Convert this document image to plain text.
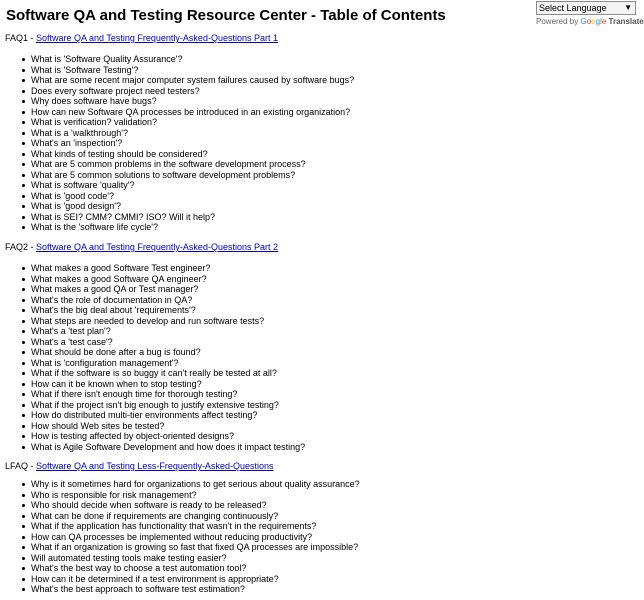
Software QA and Testing Resource Center - Table of Contents	Select Language ▼
Powered by Google Translate
FAQ1 - Software QA and Testing Frequently-Asked-Questions Part 1
What is 'Software Quality Assurance'?
What is 'Software Testing'?
What are some recent major computer system failures caused by software bugs?
Does every software project need testers?
Why does software have bugs?
How can new Software QA processes be introduced in an existing organization?
What is verification? validation?
What is a 'walkthrough'?
What's an 'inspection'?
What kinds of testing should be considered?
What are 5 common problems in the software development process?
What are 5 common solutions to software development problems?
What is software 'quality'?
What is 'good code'?
What is 'good design'?
What is SEI? CMM? CMMI? ISO? Will it help?
What is the 'software life cycle'?
FAQ2 - Software QA and Testing Frequently-Asked-Questions Part 2
What makes a good Software Test engineer?
What makes a good Software QA engineer?
What makes a good QA or Test manager?
What's the role of documentation in QA?
What's the big deal about 'requirements'?
What steps are needed to develop and run software tests?
What's a 'test plan'?
What's a 'test case'?
What should be done after a bug is found?
What is 'configuration management'?
What if the software is so buggy it can't really be tested at all?
How can it be known when to stop testing?
What if there isn't enough time for thorough testing?
What if the project isn't big enough to justify extensive testing?
How do distributed multi-tier environments affect testing?
How should Web sites be tested?
How is testing affected by object-oriented designs?
What is Agile Software Development and how does it impact testing?
LFAQ - Software QA and Testing Less-Frequently-Asked-Questions
Why is it sometimes hard for organizations to get serious about quality assurance?
Who is responsible for risk management?
Who should decide when software is ready to be released?
What can be done if requirements are changing continuously?
What if the application has functionality that wasn't in the requirements?
How can QA processes be implemented without reducing productivity?
What if an organization is growing so fast that fixed QA processes are impossible?
Will automated testing tools make testing easier?
What's the best way to choose a test automation tool?
How can it be determined if a test environment is appropriate?
What's the best approach to software test estimation?
